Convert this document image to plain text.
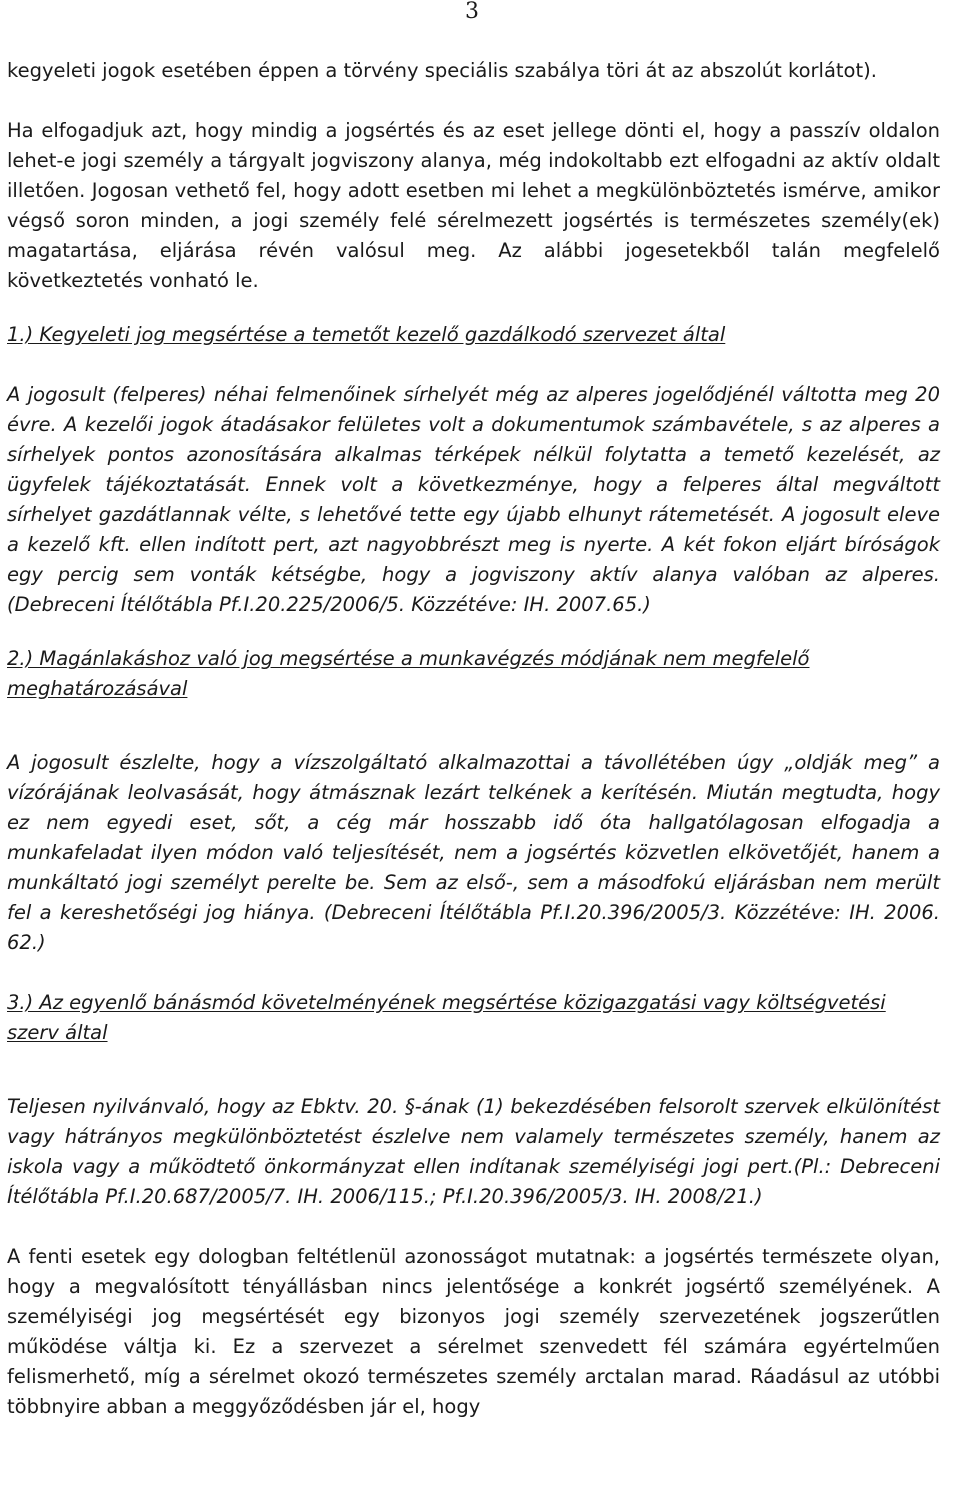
3

kegyeleti jogok esetében éppen a törvény speciális szabálya töri át az abszolút korlátot).

Ha elfogadjuk azt, hogy mindig a jogsértés és az eset jellege dönti el, hogy a passzív oldalon lehet-e jogi személy a tárgyalt jogviszony alanya, még indokoltabb ezt elfogadni az aktív oldalt illetően. Jogosan vethető fel, hogy adott esetben mi lehet a megkülönböztetés ismérve, amikor végső soron minden, a jogi személy felé sérelmezett jogsértés is természetes személy(ek) magatartása, eljárása révén valósul meg. Az alábbi jogesetekből talán megfelelő következtetés vonható le.

1.) Kegyeleti jog megsértése a temetőt kezelő gazdálkodó szervezet által

A jogosult (felperes) néhai felmenőinek sírhelyét még az alperes jogelődjénél váltotta meg 20 évre. A kezelői jogok átadásakor felületes volt a dokumentumok számbavétele, s az alperes a sírhelyek pontos azonosítására alkalmas térképek nélkül folytatta a temető kezelését, az ügyfelek tájékoztatását. Ennek volt a következménye, hogy a felperes által megváltott sírhelyet gazdátlannak vélte, s lehetővé tette egy újabb elhunyt rátemetését. A jogosult eleve a kezelő kft. ellen indított pert, azt nagyobbrészt meg is nyerte. A két fokon eljárt bíróságok egy percig sem vonták kétségbe, hogy a jogviszony aktív alanya valóban az alperes. (Debreceni Ítélőtábla Pf.I.20.225/2006/5. Közzétéve: IH. 2007.65.)

2.) Magánlakáshoz való jog megsértése a munkavégzés módjának nem megfelelő meghatározásával

A jogosult észlelte, hogy a vízszolgáltató alkalmazottai a távollétében úgy „oldják meg” a vízórájának leolvasását, hogy átmásznak lezárt telkének a kerítésén. Miután megtudta, hogy ez nem egyedi eset, sőt, a cég már hosszabb idő óta hallgatólagosan elfogadja a munkafeladat ilyen módon való teljesítését, nem a jogsértés közvetlen elkövetőjét, hanem a munkáltató jogi személyt perelte be. Sem az első-, sem a másodfokú eljárásban nem merült fel a kereshetőségi jog hiánya. (Debreceni Ítélőtábla Pf.I.20.396/2005/3. Közzétéve: IH. 2006. 62.)

3.) Az egyenlő bánásmód követelményének megsértése közigazgatási vagy költségvetési szerv által

Teljesen nyilvánvaló, hogy az Ebktv. 20. §-ának (1) bekezdésében felsorolt szervek elkülönítést vagy hátrányos megkülönböztetést észlelve nem valamely természetes személy, hanem az iskola vagy a működtető önkormányzat ellen indítanak személyiségi jogi pert.(Pl.: Debreceni Ítélőtábla Pf.I.20.687/2005/7. IH. 2006/115.; Pf.I.20.396/2005/3. IH. 2008/21.)

A fenti esetek egy dologban feltétlenül azonosságot mutatnak: a jogsértés természete olyan, hogy a megvalósított tényállásban nincs jelentősége a konkrét jogsértő személyének. A személyiségi jog megsértését egy bizonyos jogi személy szervezetének jogszerűtlen működése váltja ki. Ez a szervezet a sérelmet szenvedett fél számára egyértelműen felismerhető, míg a sérelmet okozó természetes személy arctalan marad. Ráadásul az utóbbi többnyire abban a meggyőződésben jár el, hogy
